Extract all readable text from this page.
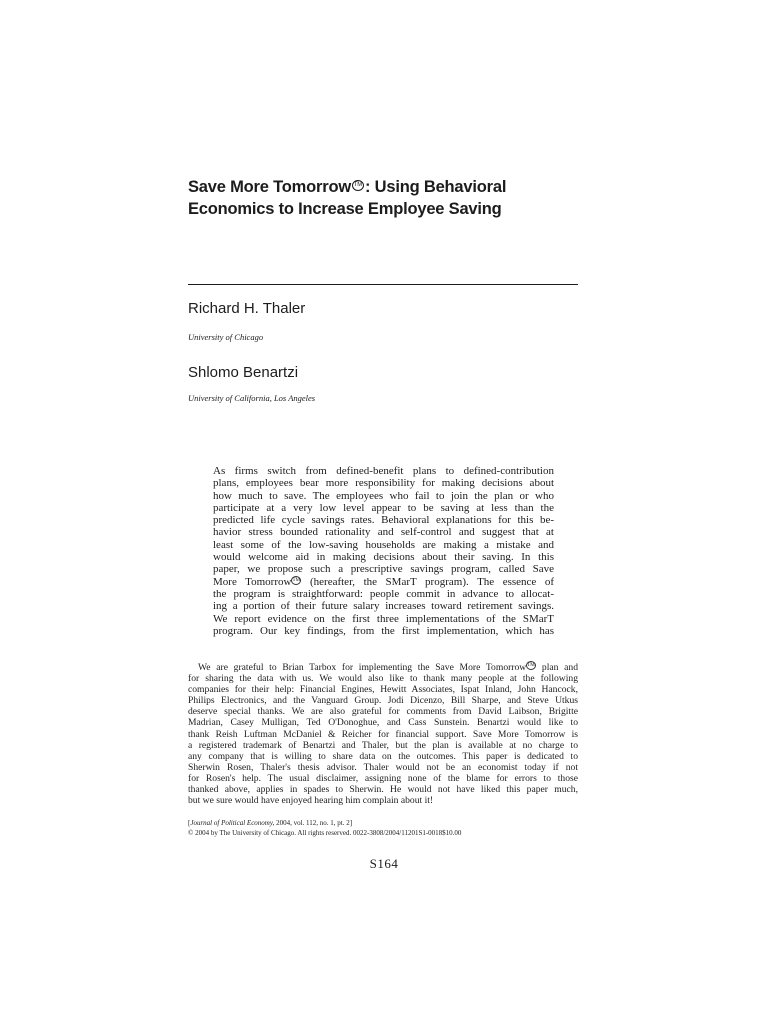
Save More Tomorrow TM : Using Behavioral
Economics to Increase Employee Saving
Richard H. Thaler

University of Chicago

Shlomo Benartzi

University of California, Los Angeles

As firms switch from defined-benefit plans to defined-contribution
plans, employees bear more responsibility for making decisions about
how much to save. The employees who fail to join the plan or who
participate at a very low level appear to be saving at less than the
predicted life cycle savings rates. Behavioral explanations for this be-
havior stress bounded rationality and self-control and suggest that at
least some of the low-saving households are making a mistake and
would welcome aid in making decisions about their saving. In this
paper, we propose such a prescriptive savings program, called Save
More TomorrowTM (hereafter, the SMarT program). The essence of
the program is straightforward: people commit in advance to allocat-
ing a portion of their future salary increases toward retirement savings.
We report evidence on the first three implementations of the SMarT
program. Our key findings, from the first implementation, which has
We are grateful to Brian Tarbox for implementing the Save More TomorrowTM plan and
for sharing the data with us. We would also like to thank many people at the following
companies for their help: Financial Engines, Hewitt Associates, Ispat Inland, John Hancock,
Philips Electronics, and the Vanguard Group. Jodi Dicenzo, Bill Sharpe, and Steve Utkus
deserve special thanks. We are also grateful for comments from David Laibson, Brigitte
Madrian, Casey Mulligan, Ted O'Donoghue, and Cass Sunstein. Benartzi would like to
thank Reish Luftman McDaniel & Reicher for financial support. Save More Tomorrow is
a registered trademark of Benartzi and Thaler, but the plan is available at no charge to
any company that is willing to share data on the outcomes. This paper is dedicated to
Sherwin Rosen, Thaler's thesis advisor. Thaler would not be an economist today if not
for Rosen's help. The usual disclaimer, assigning none of the blame for errors to those
thanked above, applies in spades to Sherwin. He would not have liked this paper much,
but we sure would have enjoyed hearing him complain about it!
[Journal of Political Economy, 2004, vol. 112, no. 1, pt. 2]
© 2004 by The University of Chicago. All rights reserved. 0022-3808/2004/11201S1-0018$10.00
S164
